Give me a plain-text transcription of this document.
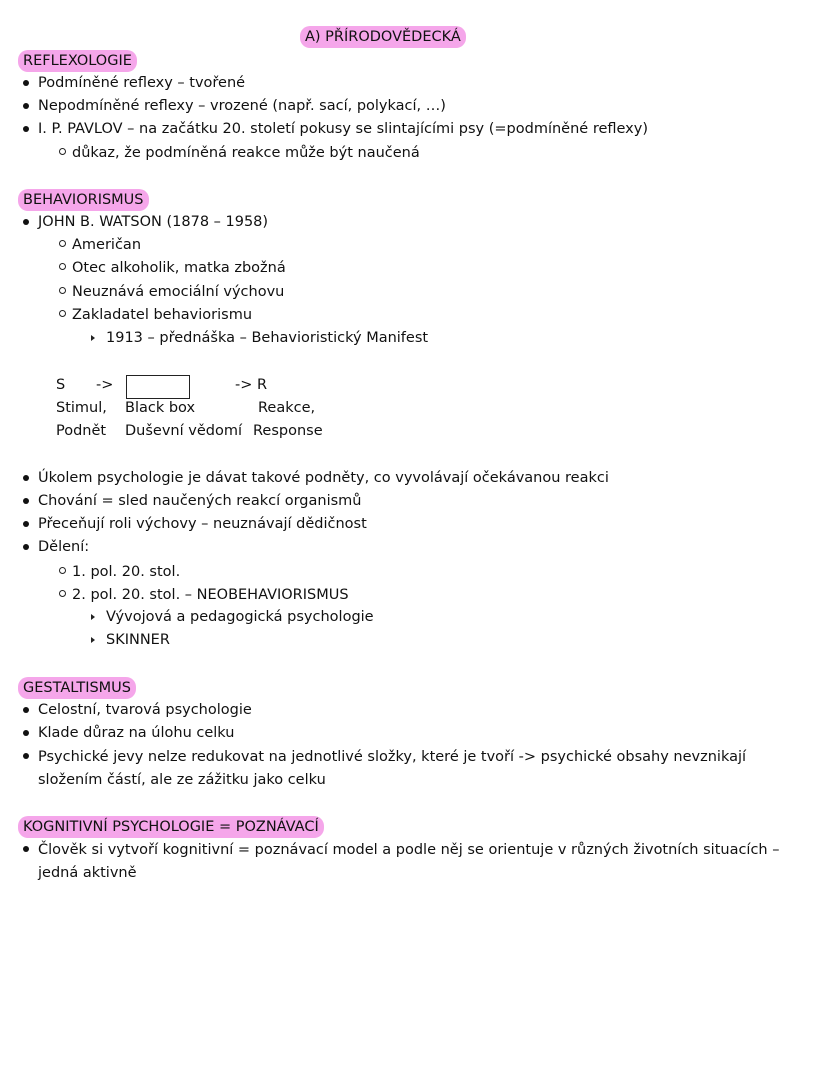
A) PŘÍRODOVĚDECKÁ
REFLEXOLOGIE
Podmíněné reflexy – tvořené
Nepodmíněné reflexy – vrozené (např. sací, polykací, …)
I. P. PAVLOV – na začátku 20. století pokusy se slintajícími psy (=podmíněné reflexy)
důkaz, že podmíněná reakce může být naučená
BEHAVIORISMUS
JOHN B. WATSON (1878 – 1958)
Američan
Otec alkoholik, matka zbožná
Neuznává emociální výchovu
Zakladatel behaviorismu
1913 – přednáška – Behavioristický Manifest
S ->	-> R
Stimul, Black box	Reakce,
Podnět Duševní vědomí Response
Úkolem psychologie je dávat takové podněty, co vyvolávají očekávanou reakci
Chování = sled naučených reakcí organismů
Přeceňují roli výchovy – neuznávají dědičnost
Dělení:
1. pol. 20. stol.
2. pol. 20. stol. – NEOBEHAVIORISMUS
Vývojová a pedagogická psychologie
SKINNER
GESTALTISMUS
Celostní, tvarová psychologie
Klade důraz na úlohu celku
Psychické jevy nelze redukovat na jednotlivé složky, které je tvoří -> psychické obsahy nevznikají složením částí, ale ze zážitku jako celku
KOGNITIVNÍ PSYCHOLOGIE = POZNÁVACÍ
Člověk si vytvoří kognitivní = poznávací model a podle něj se orientuje v různých životních situacích – jedná aktivně
